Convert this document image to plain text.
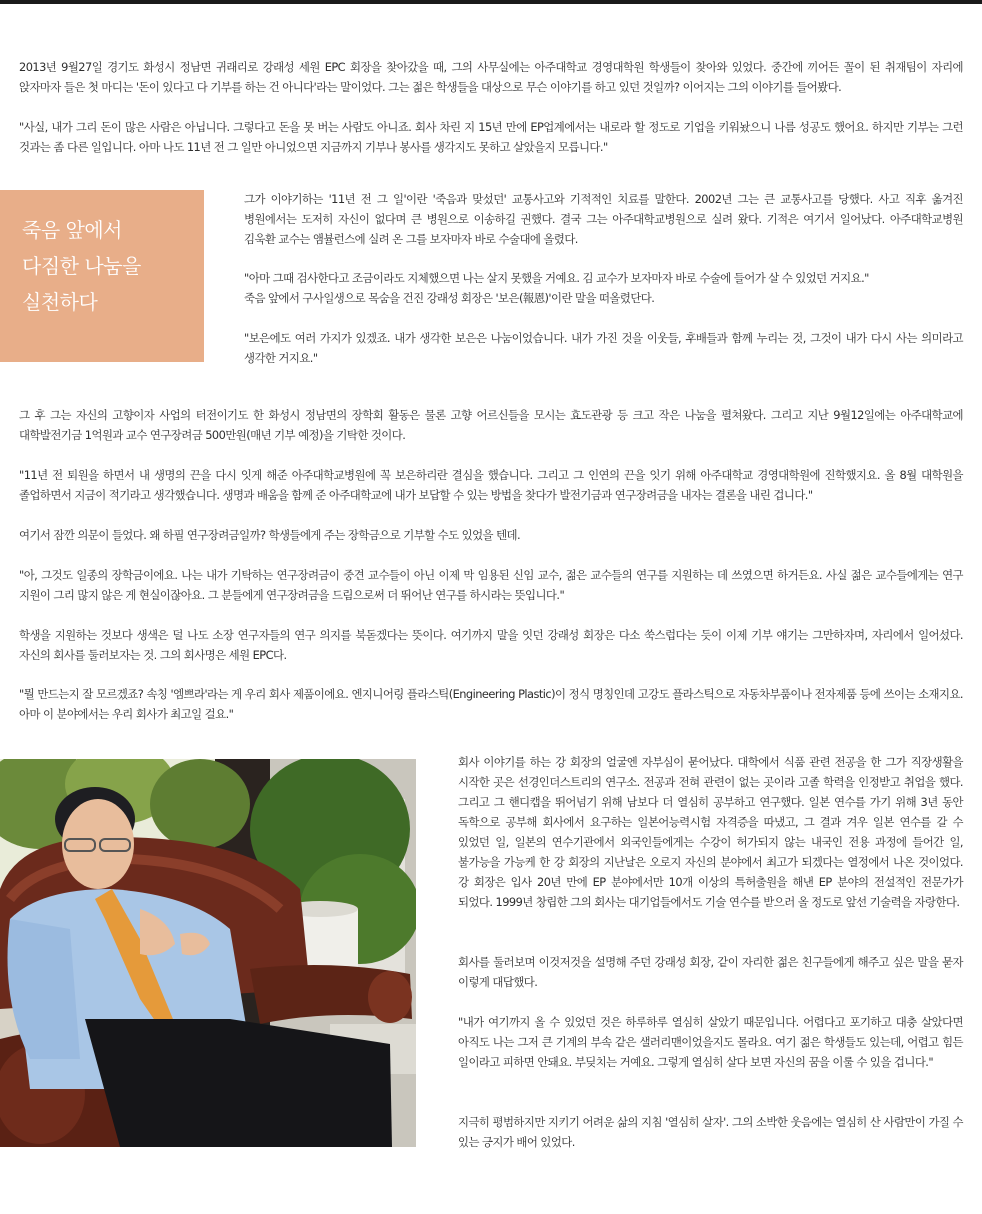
2013년 9월27일 경기도 화성시 정남면 귀래리로 강래성 세원 EPC 회장을 찾아갔을 때, 그의 사무실에는 아주대학교 경영대학원 학생들이 찾아와 있었다. 중간에 끼어든 꼴이 된 취재팀이 자리에 앉자마자 들은 첫 마디는 '돈이 있다고 다 기부를 하는 건 아니다'라는 말이었다. 그는 젊은 학생들을 대상으로 무슨 이야기를 하고 있던 것일까? 이어지는 그의 이야기를 들어봤다.

"사실, 내가 그리 돈이 많은 사람은 아닙니다. 그렇다고 돈을 못 버는 사람도 아니죠. 회사 차린 지 15년 만에 EP업계에서는 내로라 할 정도로 기업을 키워놨으니 나름 성공도 했어요. 하지만 기부는 그런 것과는 좀 다른 일입니다. 아마 나도 11년 전 그 일만 아니었으면 지금까지 기부나 봉사를 생각지도 못하고 살았을지 모릅니다."

죽음 앞에서
다짐한 나눔을
실천하다

그가 이야기하는 '11년 전 그 일'이란 '죽음과 맞섰던' 교통사고와 기적적인 치료를 말한다. 2002년 그는 큰 교통사고를 당했다. 사고 직후 옮겨진 병원에서는 도저히 자신이 없다며 큰 병원으로 이송하길 권했다. 결국 그는 아주대학교병원으로 실려 왔다. 기적은 여기서 일어났다. 아주대학교병원 김욱환 교수는 앰뷸런스에 실려 온 그를 보자마자 바로 수술대에 올렸다.

"아마 그때 검사한다고 조금이라도 지체했으면 나는 살지 못했을 거예요. 김 교수가 보자마자 바로 수술에 들어가 살 수 있었던 거지요."

죽음 앞에서 구사일생으로 목숨을 건진 강래성 회장은 '보은(報恩)'이란 말을 떠올렸단다.

"보은에도 여러 가지가 있겠죠. 내가 생각한 보은은 나눔이었습니다. 내가 가진 것을 이웃들, 후배들과 함께 누리는 것, 그것이 내가 다시 사는 의미라고 생각한 거지요."

그 후 그는 자신의 고향이자 사업의 터전이기도 한 화성시 정남면의 장학회 활동은 물론 고향 어르신들을 모시는 효도관광 등 크고 작은 나눔을 펼쳐왔다. 그리고 지난 9월12일에는 아주대학교에 대학발전기금 1억원과 교수 연구장려금 500만원(매년 기부 예정)을 기탁한 것이다.

"11년 전 퇴원을 하면서 내 생명의 끈을 다시 잇게 해준 아주대학교병원에 꼭 보은하리란 결심을 했습니다. 그리고 그 인연의 끈을 잇기 위해 아주대학교 경영대학원에 진학했지요. 올 8월 대학원을 졸업하면서 지금이 적기라고 생각했습니다. 생명과 배움을 함께 준 아주대학교에 내가 보답할 수 있는 방법을 찾다가 발전기금과 연구장려금을 내자는 결론을 내린 겁니다."

여기서 잠깐 의문이 들었다. 왜 하필 연구장려금일까? 학생들에게 주는 장학금으로 기부할 수도 있었을 텐데.

"아, 그것도 일종의 장학금이에요. 나는 내가 기탁하는 연구장려금이 중견 교수들이 아닌 이제 막 임용된 신임 교수, 젊은 교수들의 연구를 지원하는 데 쓰였으면 하거든요. 사실 젊은 교수들에게는 연구 지원이 그리 많지 않은 게 현실이잖아요. 그 분들에게 연구장려금을 드림으로써 더 뛰어난 연구를 하시라는 뜻입니다."

학생을 지원하는 것보다 생색은 덜 나도 소장 연구자들의 연구 의지를 북돋겠다는 뜻이다. 여기까지 말을 잇던 강래성 회장은 다소 쑥스럽다는 듯이 이제 기부 얘기는 그만하자며, 자리에서 일어섰다. 자신의 회사를 둘러보자는 것. 그의 회사명은 세원 EPC다.

"뭘 만드는지 잘 모르겠죠? 속칭 '엠쁘라'라는 게 우리 회사 제품이에요. 엔지니어링 플라스틱(Engineering Plastic)이 정식 명칭인데 고강도 플라스틱으로 자동차부품이나 전자제품 등에 쓰이는 소재지요. 아마 이 분야에서는 우리 회사가 최고일 걸요."

회사 이야기를 하는 강 회장의 얼굴엔 자부심이 묻어났다. 대학에서 식품 관련 전공을 한 그가 직장생활을 시작한 곳은 선경인더스트리의 연구소. 전공과 전혀 관련이 없는 곳이라 고졸 학력을 인정받고 취업을 했다. 그리고 그 핸디캡을 뛰어넘기 위해 남보다 더 열심히 공부하고 연구했다. 일본 연수를 가기 위해 3년 동안 독학으로 공부해 회사에서 요구하는 일본어능력시험 자격증을 따냈고, 그 결과 겨우 일본 연수를 갈 수 있었던 일, 일본의 연수기관에서 외국인들에게는 수강이 허가되지 않는 내국인 전용 과정에 들어간 일, 불가능을 가능케 한 강 회장의 지난날은 오로지 자신의 분야에서 최고가 되겠다는 열정에서 나온 것이었다. 강 회장은 입사 20년 만에 EP 분야에서만 10개 이상의 특허출원을 해낸 EP 분야의 전설적인 전문가가 되었다. 1999년 창립한 그의 회사는 대기업들에서도 기술 연수를 받으러 올 정도로 앞선 기술력을 자랑한다.

회사를 둘러보며 이것저것을 설명해 주던 강래성 회장, 같이 자리한 젊은 친구들에게 해주고 싶은 말을 묻자 이렇게 대답했다.

"내가 여기까지 올 수 있었던 것은 하루하루 열심히 살았기 때문입니다. 어렵다고 포기하고 대충 살았다면 아직도 나는 그저 큰 기계의 부속 같은 샐러리맨이었을지도 몰라요. 여기 젊은 학생들도 있는데, 어렵고 힘든 일이라고 피하면 안돼요. 부딪치는 거예요. 그렇게 열심히 살다 보면 자신의 꿈을 이룰 수 있을 겁니다."

지극히 평범하지만 지키기 어려운 삶의 지침 '열심히 살자'. 그의 소박한 웃음에는 열심히 산 사람만이 가질 수 있는 긍지가 배어 있었다.
